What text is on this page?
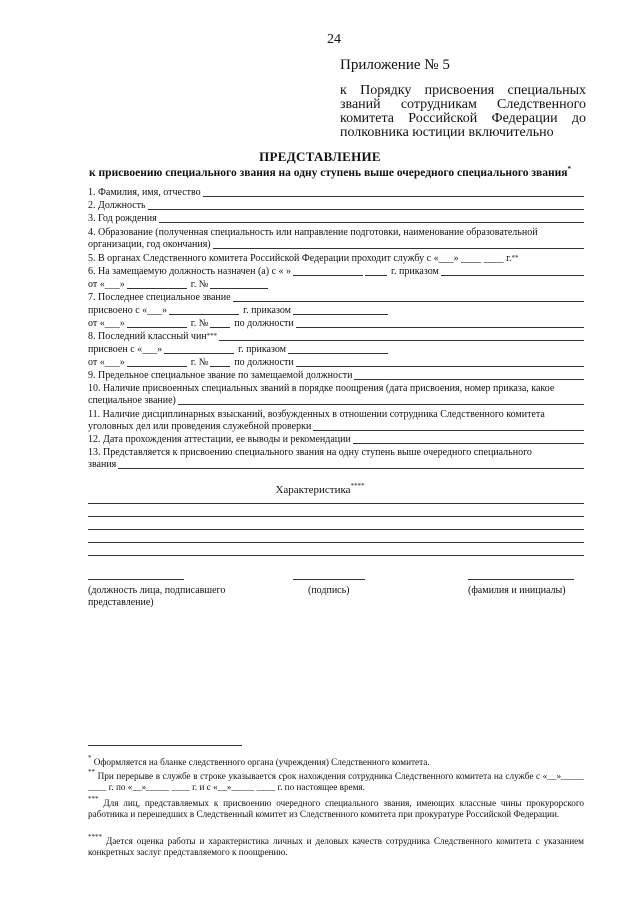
24
Приложение № 5
к Порядку присвоения специальных званий сотрудникам Следственного комитета Российской Федерации до полковника юстиции включительно
ПРЕДСТАВЛЕНИЕ
к присвоению специального звания на одну ступень выше очередного специального звания*
1. Фамилия, имя, отчество
2. Должность
3. Год рождения
4. Образование (полученная специальность или направление подготовки, наименование образовательной
организации, год окончания)
5. В органах Следственного комитета Российской Федерации проходит службу с «___» ____ ____ г. **
6. На замещаемую должность назначен (а) с « »	г. приказом
от «___»	г. №
7. Последнее специальное звание
присвоено с «___»	г. приказом
от «___»	г. №	по должности
8. Последний классный чин ***
присвоен с «___»	г. приказом
от «___»	г. №	по должности
9. Предельное специальное звание по замещаемой должности
10. Наличие присвоенных специальных званий в порядке поощрения (дата присвоения, номер приказа, какое
специальное звание)
11. Наличие дисциплинарных взысканий, возбужденных в отношении сотрудника Следственного комитета
уголовных дел или проведения служебной проверки
12. Дата прохождения аттестации, ее выводы и рекомендации
13. Представляется к присвоению специального звания на одну ступень выше очередного специального
звания
Характеристика****
(должность лица, подписавшего представление)
(подпись)	(фамилия и инициалы)
* Оформляется на бланке следственного органа (учреждения) Следственного комитета.
** При перерыве в службе в строке указывается срок нахождения сотрудника Следственного комитета на службе с «__»_____ ____ г. по «__»_____ ____ г. и с «__»_____ ____ г. по настоящее время.
*** Для лиц, представляемых к присвоению очередного специального звания, имеющих классные чины прокурорского работника и перешедших в Следственный комитет из Следственного комитета при прокуратуре Российской Федерации.
**** Дается оценка работы и характеристика личных и деловых качеств сотрудника Следственного комитета с указанием конкретных заслуг представляемого к поощрению.
